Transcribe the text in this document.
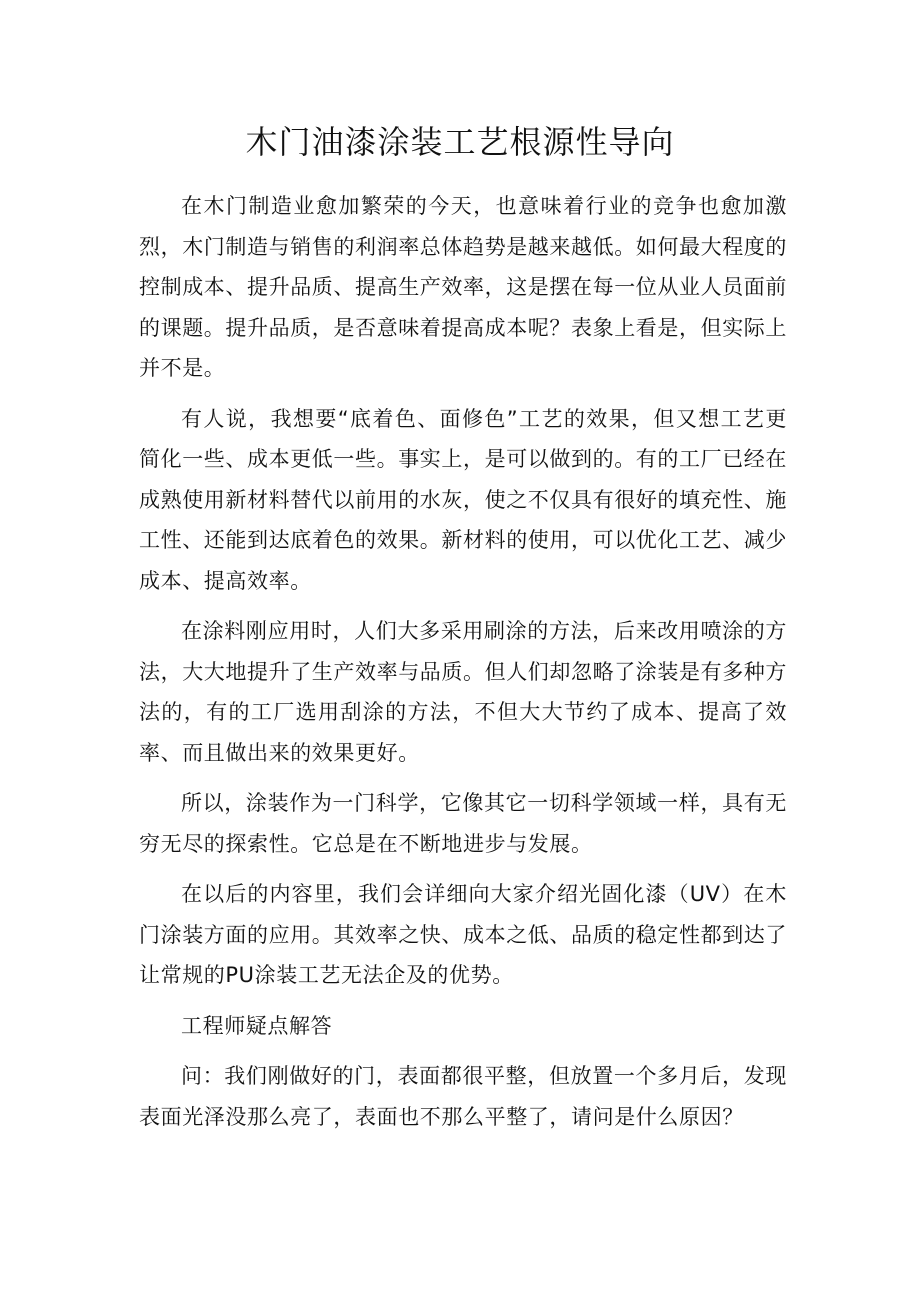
木门油漆涂装工艺根源性导向

在木门制造业愈加繁荣的今天，也意味着行业的竞争也愈加激烈，木门制造与销售的利润率总体趋势是越来越低。如何最大程度的控制成本、提升品质、提高生产效率，这是摆在每一位从业人员面前的课题。提升品质，是否意味着提高成本呢？表象上看是，但实际上并不是。

有人说，我想要“底着色、面修色”工艺的效果，但又想工艺更简化一些、成本更低一些。事实上，是可以做到的。有的工厂已经在成熟使用新材料替代以前用的水灰，使之不仅具有很好的填充性、施工性、还能到达底着色的效果。新材料的使用，可以优化工艺、减少成本、提高效率。

在涂料刚应用时，人们大多采用刷涂的方法，后来改用喷涂的方法，大大地提升了生产效率与品质。但人们却忽略了涂装是有多种方法的，有的工厂选用刮涂的方法，不但大大节约了成本、提高了效率、而且做出来的效果更好。

所以，涂装作为一门科学，它像其它一切科学领域一样，具有无穷无尽的探索性。它总是在不断地进步与发展。

在以后的内容里，我们会详细向大家介绍光固化漆（UV）在木门涂装方面的应用。其效率之快、成本之低、品质的稳定性都到达了让常规的PU涂装工艺无法企及的优势。

工程师疑点解答

问：我们刚做好的门，表面都很平整，但放置一个多月后，发现表面光泽没那么亮了，表面也不那么平整了，请问是什么原因？
